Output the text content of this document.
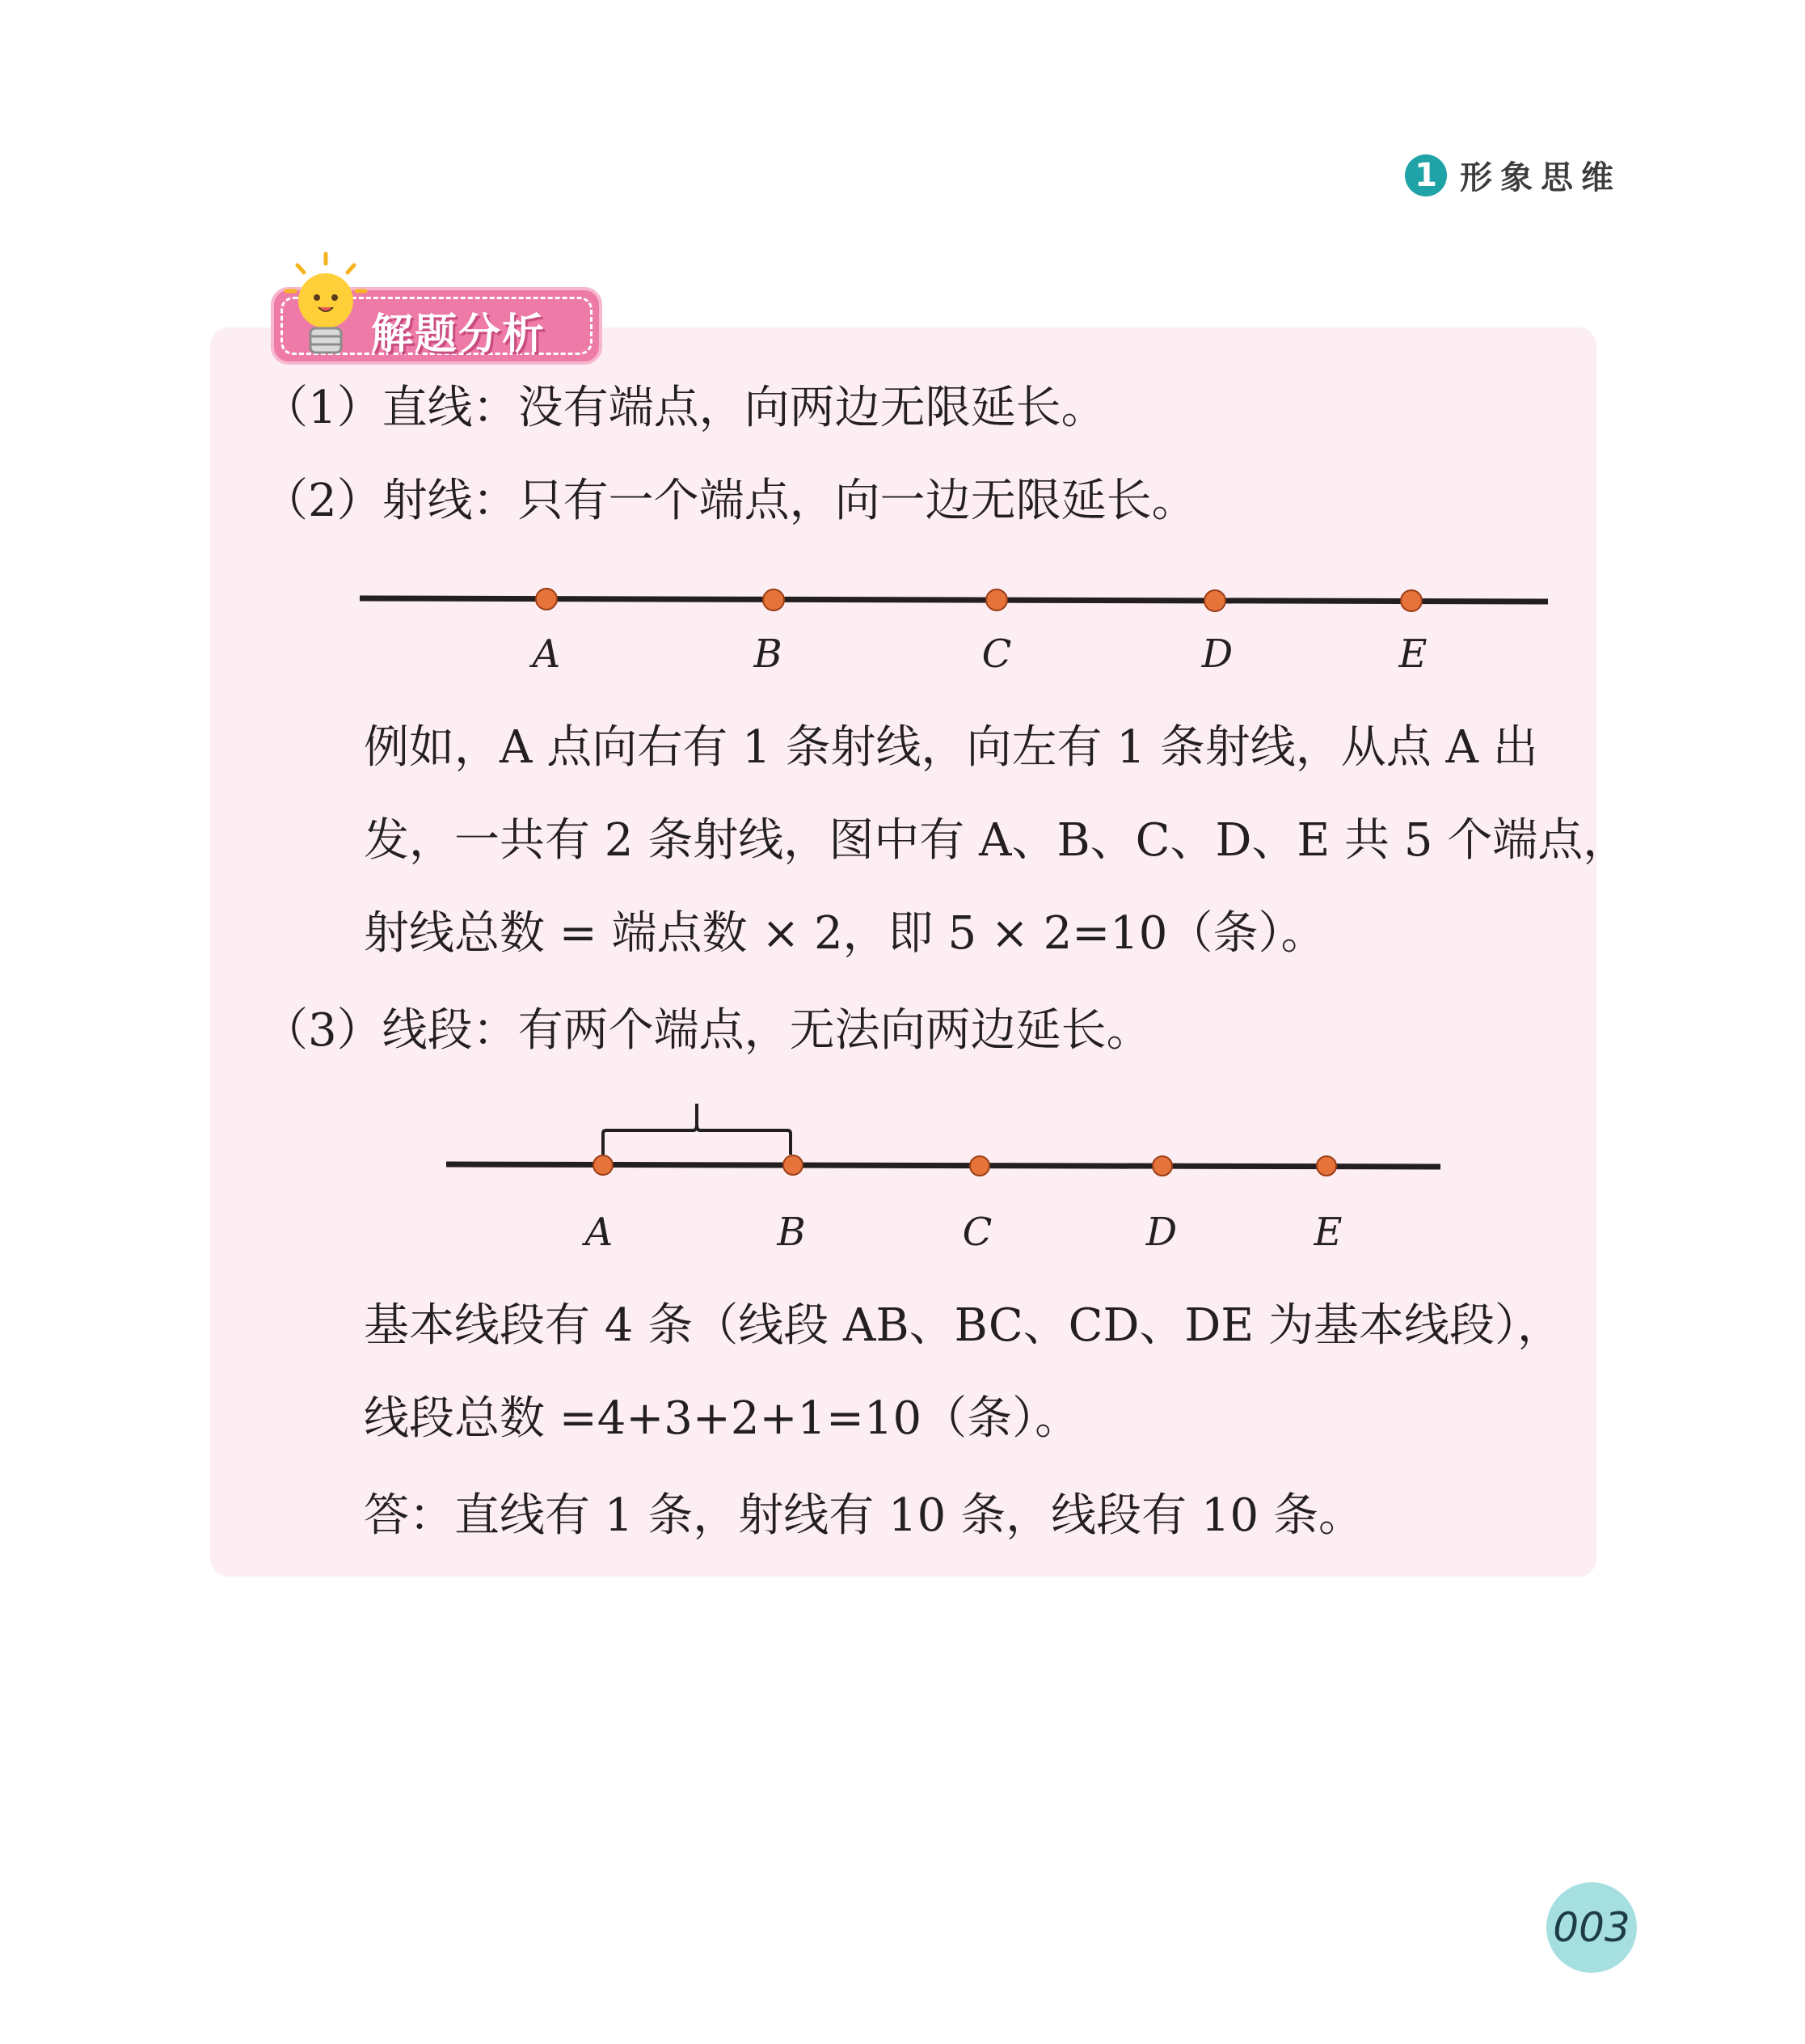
1 形象思维
解题分析
（1）直线：没有端点，向两边无限延长。
（2）射线：只有一个端点，向一边无限延长。
A	B	C	D	E
A	B	C	D	E
例如，A 点向右有 1 条射线，向左有 1 条射线，从点 A 出
发，一共有 2 条射线，图中有 A、B、C、D、E 共 5 个端点，
射线总数 = 端点数 × 2，即 5 × 2=10（条）。
（3）线段：有两个端点，无法向两边延长。
基本线段有 4 条（线段 AB、BC、CD、DE 为基本线段），
线段总数 =4+3+2+1=10（条）。
答：直线有 1 条，射线有 10 条，线段有 10 条。
003
